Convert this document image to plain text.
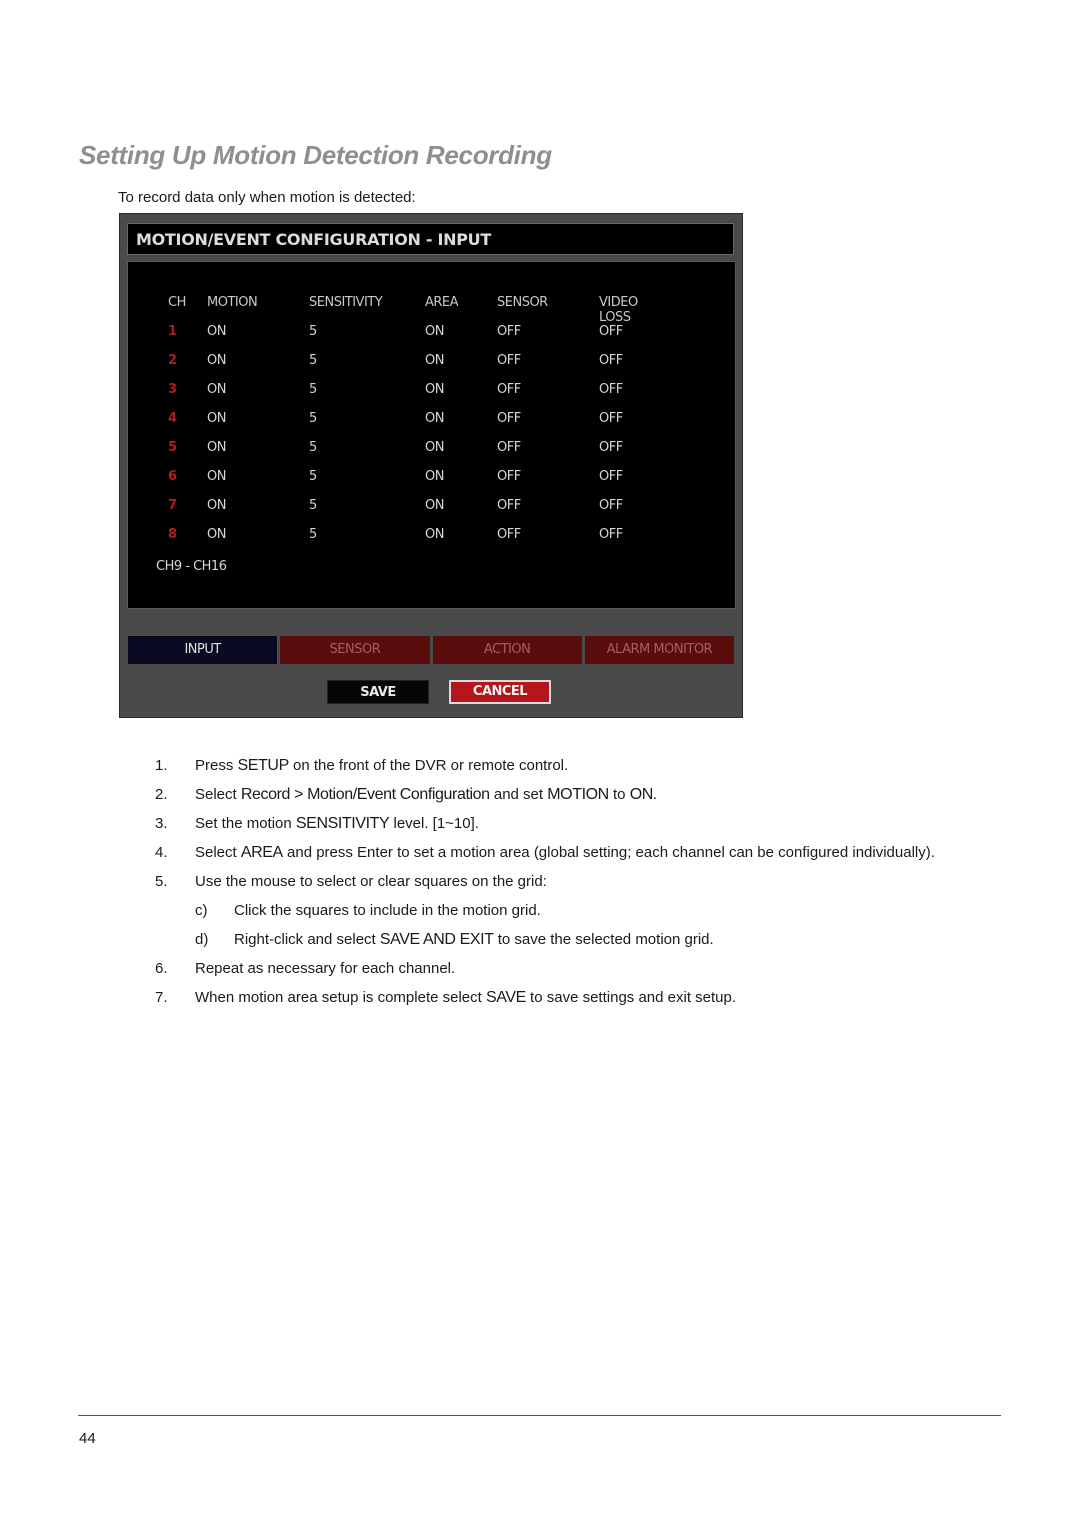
Setting Up Motion Detection Recording
To record data only when motion is detected:
MOTION/EVENT CONFIGURATION - INPUT
CH MOTION	SENSITIVITY	AREA	SENSOR	VIDEO LOSS
1 ON	5	ON	OFF	OFF
2 ON	5	ON	OFF	OFF
3 ON	5	ON	OFF	OFF
4 ON	5	ON	OFF	OFF
5 ON	5	ON	OFF	OFF
6 ON	5	ON	OFF	OFF
7 ON	5	ON	OFF	OFF
8 ON	5	ON	OFF	OFF
CH9 - CH16
INPUT	SENSOR	ACTION	ALARM MONITOR
SAVE	CANCEL
1. Press SETUP on the front of the DVR or remote control.
2. Select Record > Motion/Event Configuration and set MOTION to ON.
3. Set the motion SENSITIVITY level. [1~10].
4. Select AREA and press Enter to set a motion area (global setting; each channel can be configured individually).
5. Use the mouse to select or clear squares on the grid:
c) Click the squares to include in the motion grid.
d) Right-click and select SAVE AND EXIT to save the selected motion grid.
6. Repeat as necessary for each channel.
7. When motion area setup is complete select SAVE to save settings and exit setup.
44
